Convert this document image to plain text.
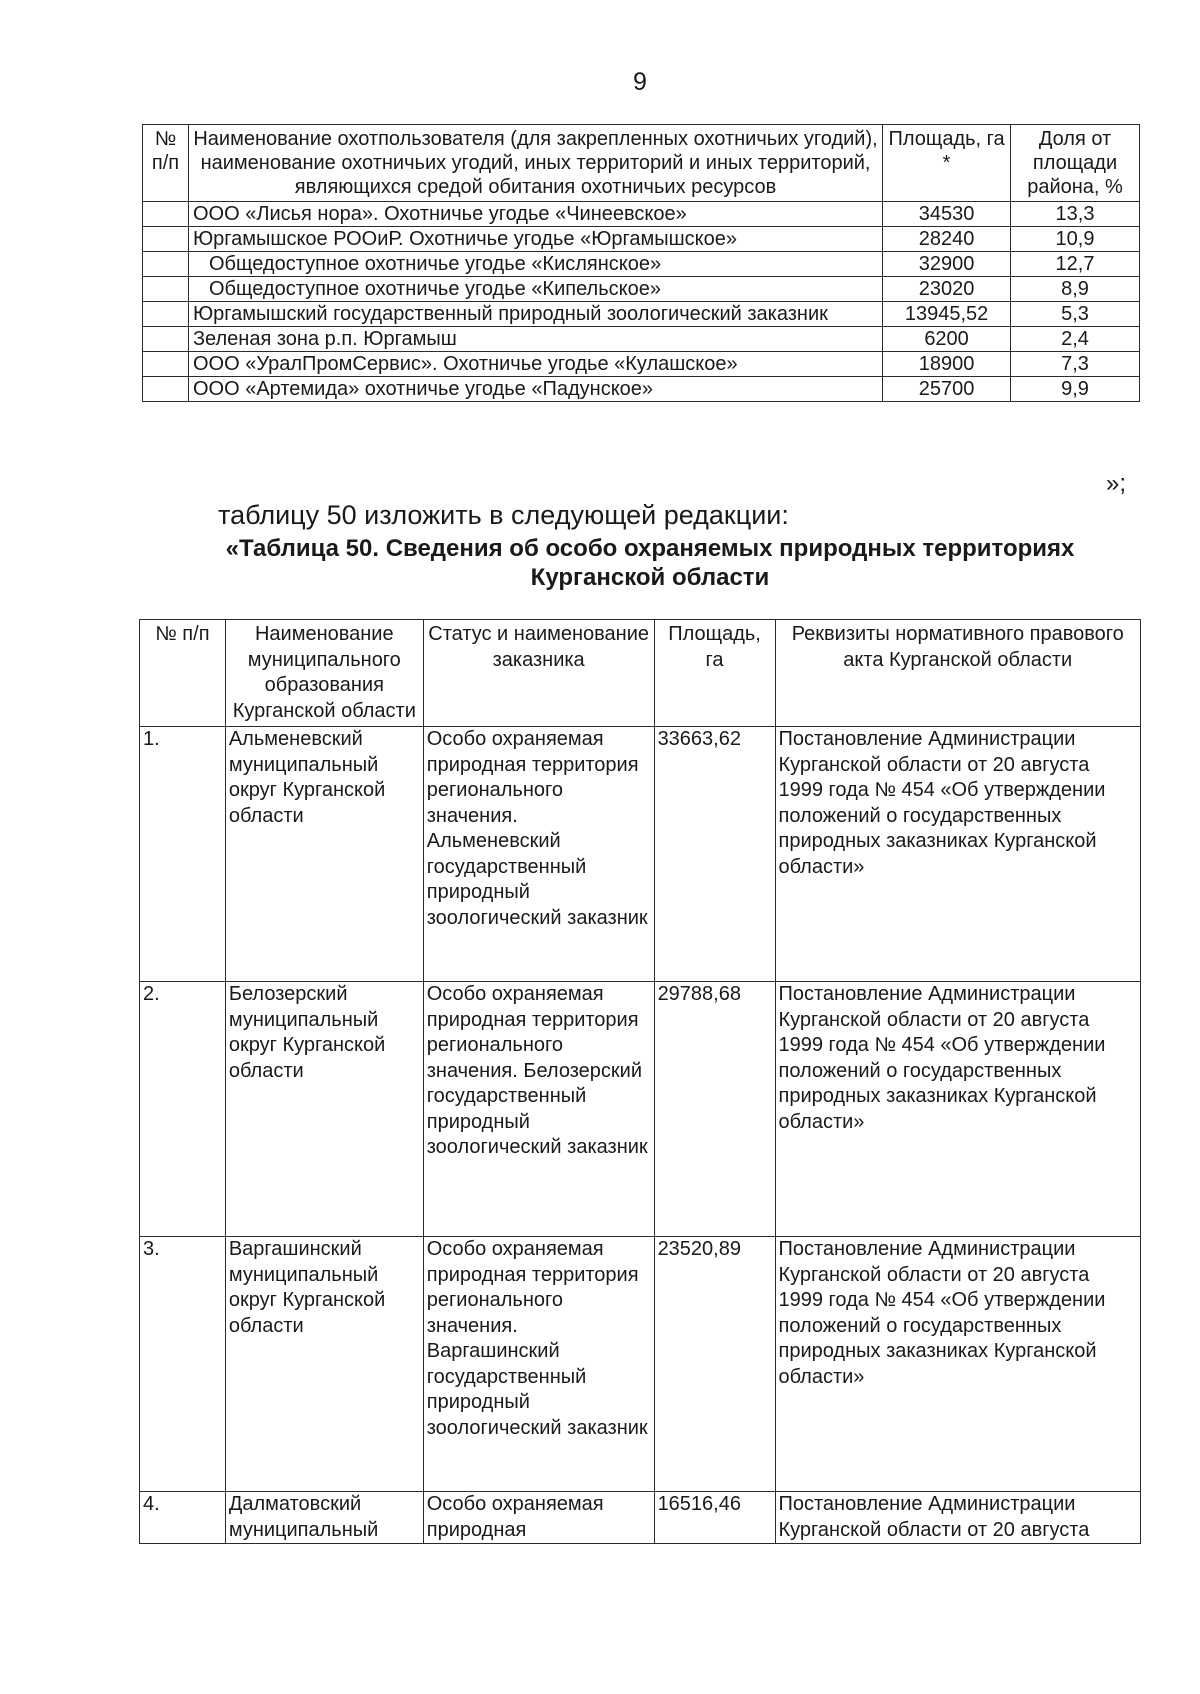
9
№ п/п	Наименование охотпользователя (для закрепленных охотничьих угодий), наименование охотничьих угодий, иных территорий и иных территорий, являющихся средой обитания охотничьих ресурсов	Площадь, га *	Доля от площади района, %
	ООО «Лисья нора». Охотничье угодье «Чинеевское»	34530	13,3
	Юргамышское РООиР. Охотничье угодье «Юргамышское»	28240	10,9
	Общедоступное охотничье угодье «Кислянское»	32900	12,7
	Общедоступное охотничье угодье «Кипельское»	23020	8,9
	Юргамышский государственный природный зоологический заказник	13945,52	5,3
	Зеленая зона р.п. Юргамыш	6200	2,4
	ООО «УралПромСервис». Охотничье угодье «Кулашское»	18900	7,3
	ООО «Артемида» охотничье угодье «Падунское»	25700	9,9
»;
таблицу 50 изложить в следующей редакции:
«Таблица 50. Сведения об особо охраняемых природных территориях Курганской области
№ п/п	Наименование муниципального образования Курганской области	Статус и наименование заказника	Площадь, га	Реквизиты нормативного правового акта Курганской области
1.	Альменевский муниципальный округ Курганской области	Особо охраняемая природная территория регионального значения. Альменевский государственный природный зоологический заказник	33663,62	Постановление Администрации Курганской области от 20 августа 1999 года № 454 «Об утверждении положений о государственных природных заказниках Курганской области»
2.	Белозерский муниципальный округ Курганской области	Особо охраняемая природная территория регионального значения. Белозерский государственный природный зоологический заказник	29788,68	Постановление Администрации Курганской области от 20 августа 1999 года № 454 «Об утверждении положений о государственных природных заказниках Курганской области»
3.	Варгашинский муниципальный округ Курганской области	Особо охраняемая природная территория регионального значения. Варгашинский государственный природный зоологический заказник	23520,89	Постановление Администрации Курганской области от 20 августа 1999 года № 454 «Об утверждении положений о государственных природных заказниках Курганской области»
4.	Далматовский муниципальный	Особо охраняемая природная	16516,46	Постановление Администрации Курганской области от 20 августа
